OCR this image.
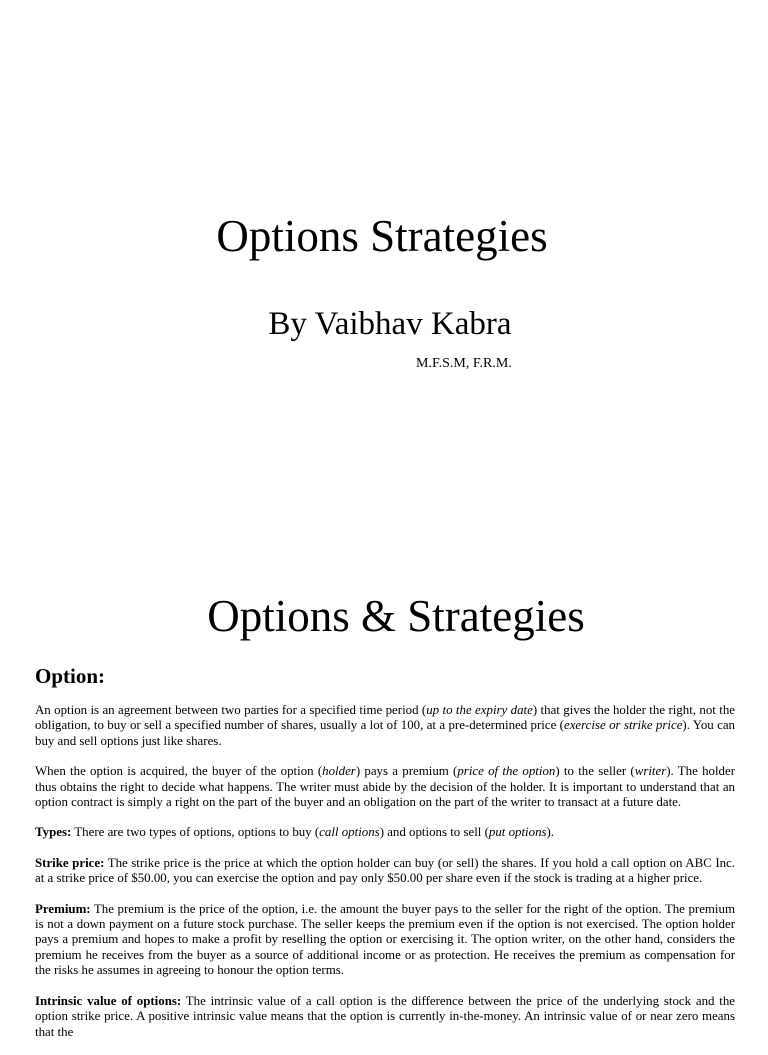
Options Strategies
By Vaibhav Kabra
M.F.S.M, F.R.M.
Options & Strategies
Option:

An option is an agreement between two parties for a specified time period (up to the expiry date) that gives the holder the right, not the obligation, to buy or sell a specified number of shares, usually a lot of 100, at a pre-determined price (exercise or strike price). You can buy and sell options just like shares.

When the option is acquired, the buyer of the option (holder) pays a premium (price of the option) to the seller (writer). The holder thus obtains the right to decide what happens. The writer must abide by the decision of the holder. It is important to understand that an option contract is simply a right on the part of the buyer and an obligation on the part of the writer to transact at a future date.

Types: There are two types of options, options to buy (call options) and options to sell (put options).

Strike price: The strike price is the price at which the option holder can buy (or sell) the shares. If you hold a call option on ABC Inc. at a strike price of $50.00, you can exercise the option and pay only $50.00 per share even if the stock is trading at a higher price.

Premium: The premium is the price of the option, i.e. the amount the buyer pays to the seller for the right of the option. The premium is not a down payment on a future stock purchase. The seller keeps the premium even if the option is not exercised. The option holder pays a premium and hopes to make a profit by reselling the option or exercising it. The option writer, on the other hand, considers the premium he receives from the buyer as a source of additional income or as protection. He receives the premium as compensation for the risks he assumes in agreeing to honour the option terms.

Intrinsic value of options: The intrinsic value of a call option is the difference between the price of the underlying stock and the option strike price. A positive intrinsic value means that the option is currently in-the-money. An intrinsic value of or near zero means that the
